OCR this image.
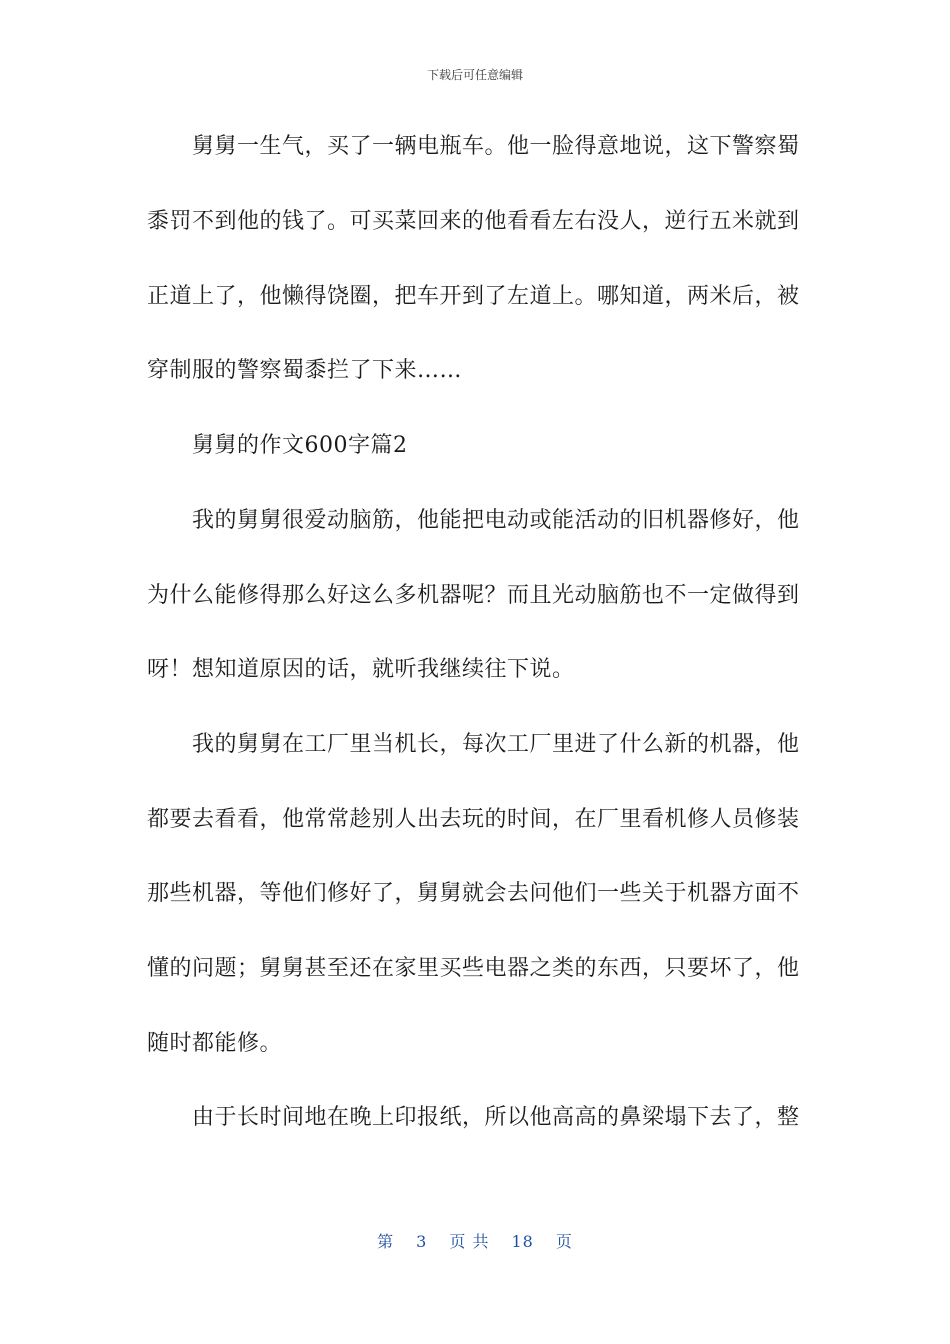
下载后可任意编辑
舅舅一生气，买了一辆电瓶车。他一脸得意地说，这下警察蜀
黍罚不到他的钱了。可买菜回来的他看看左右没人，逆行五米就到
正道上了，他懒得饶圈，把车开到了左道上。哪知道，两米后，被
穿制服的警察蜀黍拦了下来……
舅舅的作文600字篇2
我的舅舅很爱动脑筋，他能把电动或能活动的旧机器修好，他
为什么能修得那么好这么多机器呢？而且光动脑筋也不一定做得到
呀！想知道原因的话，就听我继续往下说。
我的舅舅在工厂里当机长，每次工厂里进了什么新的机器，他
都要去看看，他常常趁别人出去玩的时间，在厂里看机修人员修装
那些机器，等他们修好了，舅舅就会去问他们一些关于机器方面不
懂的问题；舅舅甚至还在家里买些电器之类的东西，只要坏了，他
随时都能修。
由于长时间地在晚上印报纸，所以他高高的鼻梁塌下去了，整
第 3 页 共 18 页
